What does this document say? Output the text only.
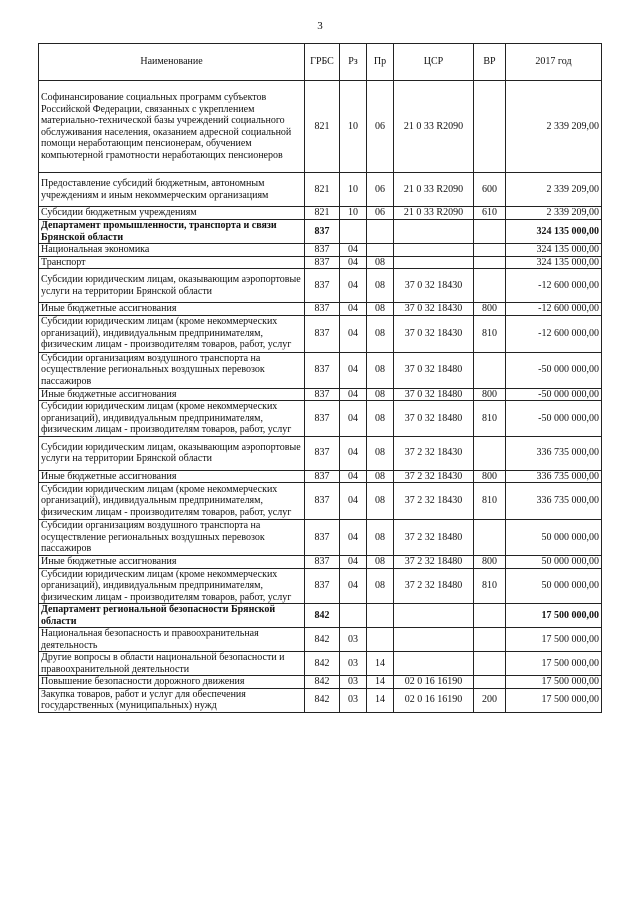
3
Наименование	ГРБС	Рз	Пр	ЦСР	ВР	2017 год
Софинансирование социальных программ субъектов Российской Федерации, связанных с укреплением материально-технической базы учреждений социального обслуживания населения, оказанием адресной социальной помощи неработающим пенсионерам, обучением компьютерной грамотности неработающих пенсионеров	821	10	06	21 0 33 R2090		2 339 209,00
Предоставление субсидий бюджетным, автономным учреждениям и иным некоммерческим организациям	821	10	06	21 0 33 R2090	600	2 339 209,00
Субсидии бюджетным учреждениям	821	10	06	21 0 33 R2090	610	2 339 209,00
Департамент промышленности, транспорта и связи Брянской области	837					324 135 000,00
Национальная экономика	837	04				324 135 000,00
Транспорт	837	04	08			324 135 000,00
Субсидии юридическим лицам, оказывающим аэропортовые услуги на территории Брянской области	837	04	08	37 0 32 18430		-12 600 000,00
Иные бюджетные ассигнования	837	04	08	37 0 32 18430	800	-12 600 000,00
Субсидии юридическим лицам (кроме некоммерческих организаций), индивидуальным предпринимателям, физическим лицам - производителям товаров, работ, услуг	837	04	08	37 0 32 18430	810	-12 600 000,00
Субсидии организациям воздушного транспорта на осуществление региональных воздушных перевозок пассажиров	837	04	08	37 0 32 18480		-50 000 000,00
Иные бюджетные ассигнования	837	04	08	37 0 32 18480	800	-50 000 000,00
Субсидии юридическим лицам (кроме некоммерческих организаций), индивидуальным предпринимателям, физическим лицам - производителям товаров, работ, услуг	837	04	08	37 0 32 18480	810	-50 000 000,00
Субсидии юридическим лицам, оказывающим аэропортовые услуги на территории Брянской области	837	04	08	37 2 32 18430		336 735 000,00
Иные бюджетные ассигнования	837	04	08	37 2 32 18430	800	336 735 000,00
Субсидии юридическим лицам (кроме некоммерческих организаций), индивидуальным предпринимателям, физическим лицам - производителям товаров, работ, услуг	837	04	08	37 2 32 18430	810	336 735 000,00
Субсидии организациям воздушного транспорта на осуществление региональных воздушных перевозок пассажиров	837	04	08	37 2 32 18480		50 000 000,00
Иные бюджетные ассигнования	837	04	08	37 2 32 18480	800	50 000 000,00
Субсидии юридическим лицам (кроме некоммерческих организаций), индивидуальным предпринимателям, физическим лицам - производителям товаров, работ, услуг	837	04	08	37 2 32 18480	810	50 000 000,00
Департамент региональной безопасности Брянской области	842					17 500 000,00
Национальная безопасность и правоохранительная деятельность	842	03				17 500 000,00
Другие вопросы в области национальной безопасности и правоохранительной деятельности	842	03	14			17 500 000,00
Повышение безопасности дорожного движения	842	03	14	02 0 16 16190		17 500 000,00
Закупка товаров, работ и услуг для обеспечения государственных (муниципальных) нужд	842	03	14	02 0 16 16190	200	17 500 000,00
